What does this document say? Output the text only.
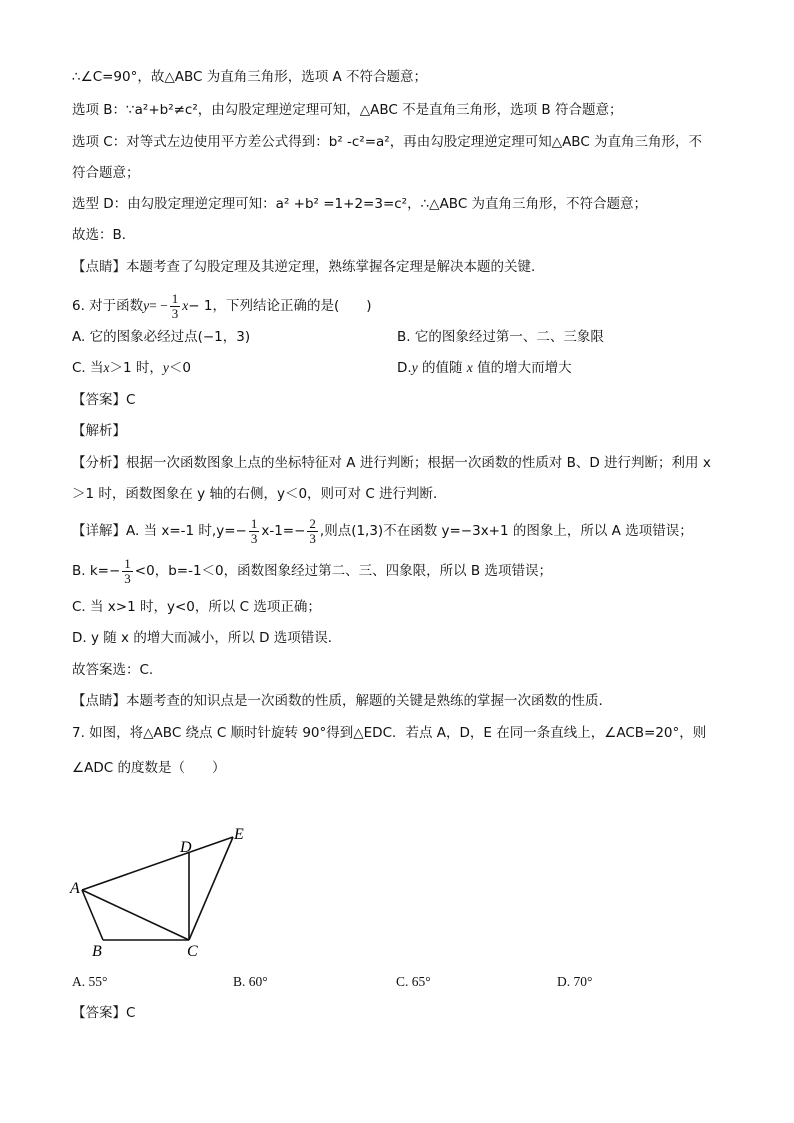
∴∠C=90°，故△ABC 为直角三角形，选项 A 不符合题意；
选项 B：∵a²+b²≠c²，由勾股定理逆定理可知，△ABC 不是直角三角形，选项 B 符合题意；
选项 C：对等式左边使用平方差公式得到：b² -c²=a²，再由勾股定理逆定理可知△ABC 为直角三角形，不
符合题意；
选型 D：由勾股定理逆定理可知：a² +b² =1+2=3=c²，∴△ABC 为直角三角形，不符合题意；
故选：B．
【点睛】本题考查了勾股定理及其逆定理，熟练掌握各定理是解决本题的关键．
6. 对于函数$y= - \frac{1}{3} x- 1$，下列结论正确的是(　　)
A. 它的图象必经过点(−1，3)	B. 它的图象经过第一、二、三象限
C. 当x＞1 时，y＜0	D.y 的值随 x 值的增大而增大
【答案】C
【解析】
【分析】根据一次函数图象上点的坐标特征对 A 进行判断；根据一次函数的性质对 B、D 进行判断；利用 x
＞1 时，函数图象在 y 轴的右侧，y＜0，则可对 C 进行判断．
【详解】A. 当 x=-1 时$,y=- \frac{1}{3} x-1=- \frac{2}{3}$ ,则点(1,3)不在函数 y=−3x+1 的图象上，所以 A 选项错误；
B. $k=- \frac{1}{3} <0$，b=-1＜0，函数图象经过第二、三、四象限，所以 B 选项错误；
C. 当 x>1 时，y<0，所以 C 选项正确；
D. y 随 x 的增大而减小，所以 D 选项错误．
故答案选：C.
【点睛】本题考查的知识点是一次函数的性质，解题的关键是熟练的掌握一次函数的性质.
7. 如图，将△ABC 绕点 C 顺时针旋转 90°得到△EDC．若点 A，D，E 在同一条直线上，∠ACB=20°，则
∠ADC 的度数是（　　）
A
B	C
D
E
A. 55°	B. 60°	C. 65°	D. 70°
【答案】C
